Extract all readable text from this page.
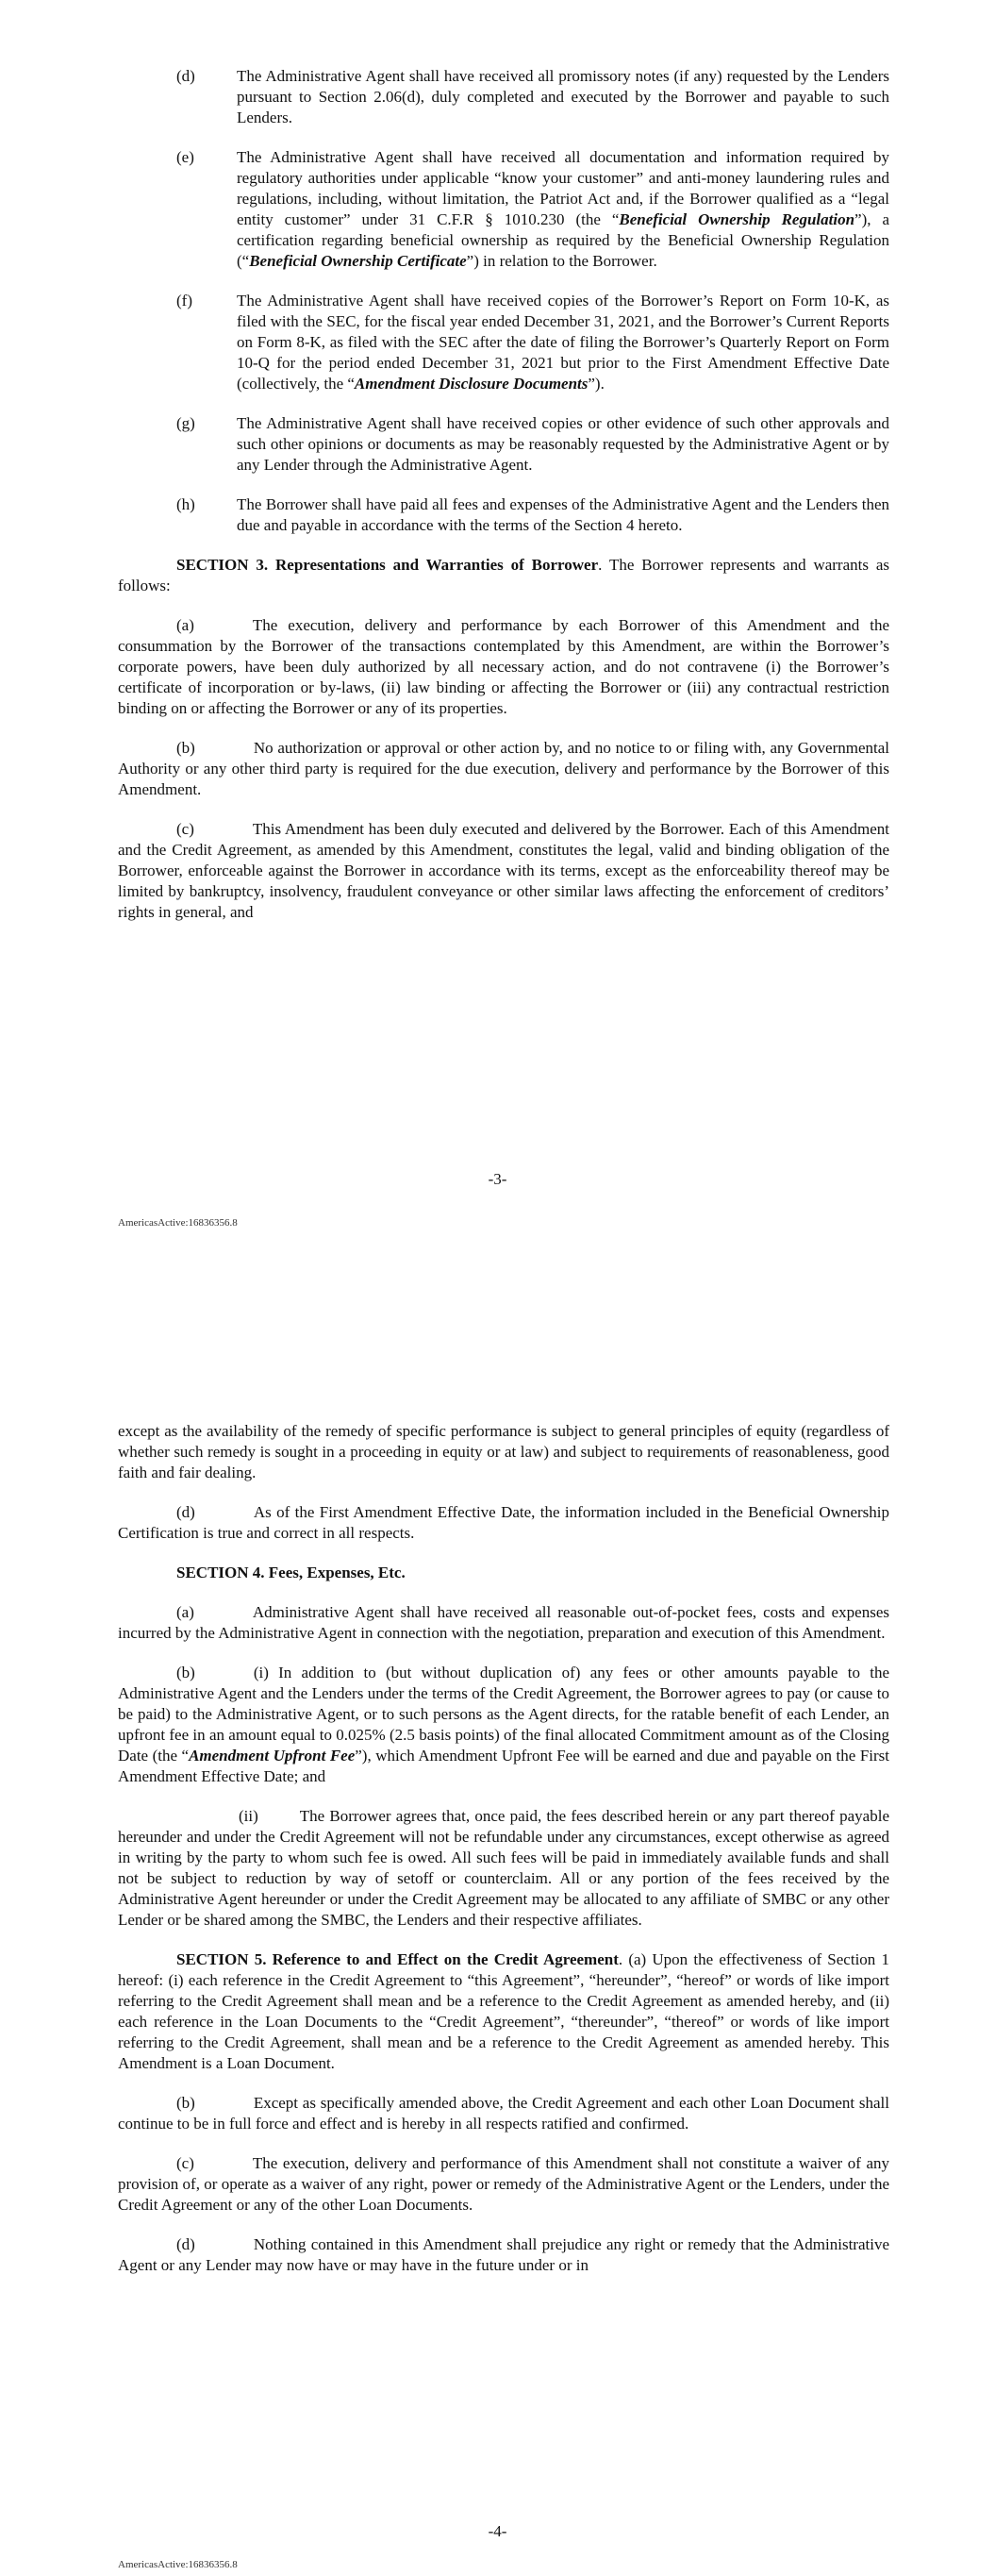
(d)	The Administrative Agent shall have received all promissory notes (if any) requested by the Lenders pursuant to Section 2.06(d), duly completed and executed by the Borrower and payable to such Lenders.
(e)	The Administrative Agent shall have received all documentation and information required by regulatory authorities under applicable “know your customer” and anti-money laundering rules and regulations, including, without limitation, the Patriot Act and, if the Borrower qualified as a “legal entity customer” under 31 C.F.R § 1010.230 (the “Beneficial Ownership Regulation”), a certification regarding beneficial ownership as required by the Beneficial Ownership Regulation (“Beneficial Ownership Certificate”) in relation to the Borrower.
(f)	The Administrative Agent shall have received copies of the Borrower’s Report on Form 10-K, as filed with the SEC, for the fiscal year ended December 31, 2021, and the Borrower’s Current Reports on Form 8-K, as filed with the SEC after the date of filing the Borrower’s Quarterly Report on Form 10-Q for the period ended December 31, 2021 but prior to the First Amendment Effective Date (collectively, the “Amendment Disclosure Documents”).
(g)	The Administrative Agent shall have received copies or other evidence of such other approvals and such other opinions or documents as may be reasonably requested by the Administrative Agent or by any Lender through the Administrative Agent.
(h)	The Borrower shall have paid all fees and expenses of the Administrative Agent and the Lenders then due and payable in accordance with the terms of the Section 4 hereto.

SECTION 3. Representations and Warranties of Borrower. The Borrower represents and warrants as follows:

(a)	The execution, delivery and performance by each Borrower of this Amendment and the consummation by the Borrower of the transactions contemplated by this Amendment, are within the Borrower’s corporate powers, have been duly authorized by all necessary action, and do not contravene (i) the Borrower’s certificate of incorporation or by-laws, (ii) law binding or affecting the Borrower or (iii) any contractual restriction binding on or affecting the Borrower or any of its properties.

(b)	No authorization or approval or other action by, and no notice to or filing with, any Governmental Authority or any other third party is required for the due execution, delivery and performance by the Borrower of this Amendment.

(c)	This Amendment has been duly executed and delivered by the Borrower. Each of this Amendment and the Credit Agreement, as amended by this Amendment, constitutes the legal, valid and binding obligation of the Borrower, enforceable against the Borrower in accordance with its terms, except as the enforceability thereof may be limited by bankruptcy, insolvency, fraudulent conveyance or other similar laws affecting the enforcement of creditors’ rights in general, and

-3-
AmericasActive:16836356.8

except as the availability of the remedy of specific performance is subject to general principles of equity (regardless of whether such remedy is sought in a proceeding in equity or at law) and subject to requirements of reasonableness, good faith and fair dealing.

(d)	As of the First Amendment Effective Date, the information included in the Beneficial Ownership Certification is true and correct in all respects.

SECTION 4. Fees, Expenses, Etc.

(a)	Administrative Agent shall have received all reasonable out-of-pocket fees, costs and expenses incurred by the Administrative Agent in connection with the negotiation, preparation and execution of this Amendment.

(b)	(i) In addition to (but without duplication of) any fees or other amounts payable to the Administrative Agent and the Lenders under the terms of the Credit Agreement, the Borrower agrees to pay (or cause to be paid) to the Administrative Agent, or to such persons as the Agent directs, for the ratable benefit of each Lender, an upfront fee in an amount equal to 0.025% (2.5 basis points) of the final allocated Commitment amount as of the Closing Date (the “Amendment Upfront Fee”), which Amendment Upfront Fee will be earned and due and payable on the First Amendment Effective Date; and

(ii)	The Borrower agrees that, once paid, the fees described herein or any part thereof payable hereunder and under the Credit Agreement will not be refundable under any circumstances, except otherwise as agreed in writing by the party to whom such fee is owed. All such fees will be paid in immediately available funds and shall not be subject to reduction by way of setoff or counterclaim. All or any portion of the fees received by the Administrative Agent hereunder or under the Credit Agreement may be allocated to any affiliate of SMBC or any other Lender or be shared among the SMBC, the Lenders and their respective affiliates.

SECTION 5. Reference to and Effect on the Credit Agreement. (a) Upon the effectiveness of Section 1 hereof: (i) each reference in the Credit Agreement to “this Agreement”, “hereunder”, “hereof” or words of like import referring to the Credit Agreement shall mean and be a reference to the Credit Agreement as amended hereby, and (ii) each reference in the Loan Documents to the “Credit Agreement”, “thereunder”, “thereof” or words of like import referring to the Credit Agreement, shall mean and be a reference to the Credit Agreement as amended hereby. This Amendment is a Loan Document.

(b)	Except as specifically amended above, the Credit Agreement and each other Loan Document shall continue to be in full force and effect and is hereby in all respects ratified and confirmed.

(c)	The execution, delivery and performance of this Amendment shall not constitute a waiver of any provision of, or operate as a waiver of any right, power or remedy of the Administrative Agent or the Lenders, under the Credit Agreement or any of the other Loan Documents.

(d)	Nothing contained in this Amendment shall prejudice any right or remedy that the Administrative Agent or any Lender may now have or may have in the future under or in

-4-
AmericasActive:16836356.8
